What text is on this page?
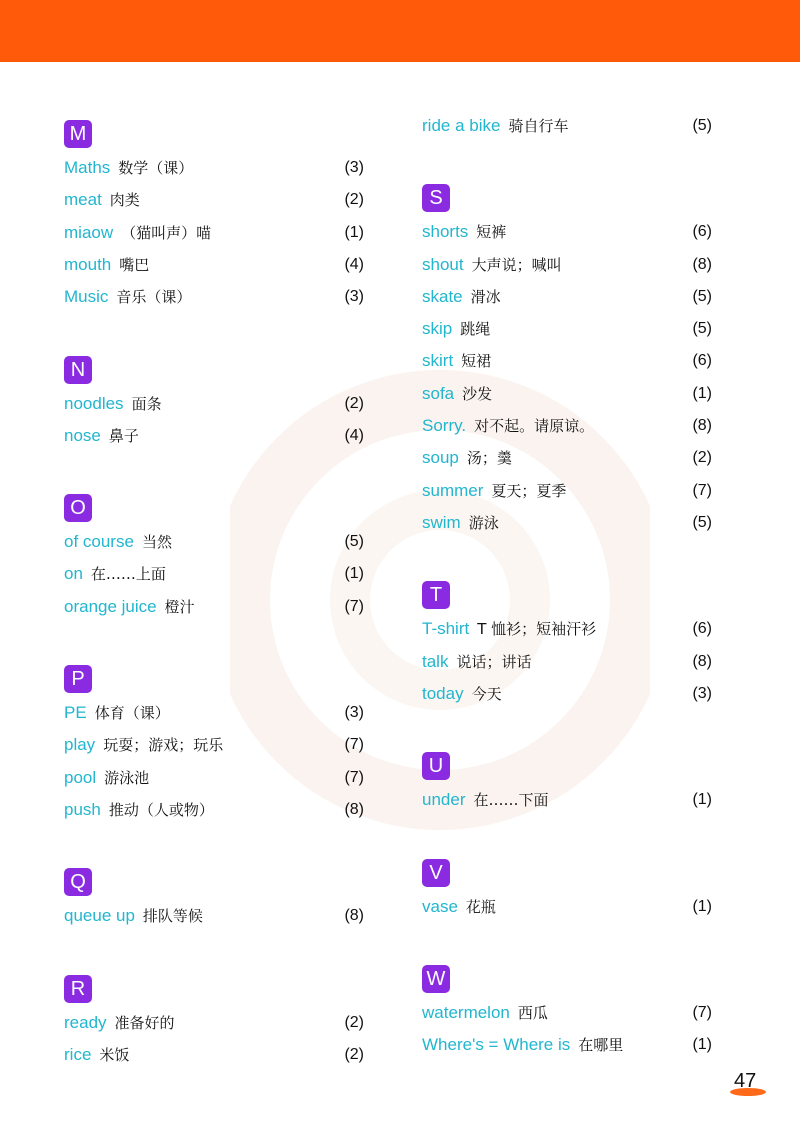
M
Maths 数学（课）	(3)
meat 肉类	(2)
miaow （猫叫声）喵	(1)
mouth 嘴巴	(4)
Music 音乐（课）	(3)
N
noodles 面条	(2)
nose 鼻子	(4)
O
of course 当然	(5)
on 在……上面	(1)
orange juice 橙汁	(7)
P
PE 体育（课）	(3)
play 玩耍；游戏；玩乐	(7)
pool 游泳池	(7)
push 推动（人或物）	(8)
Q
queue up 排队等候	(8)
R
ready 准备好的	(2)
rice 米饭	(2)
ride a bike 骑自行车	(5)
S
shorts 短裤	(6)
shout 大声说；喊叫	(8)
skate 滑冰	(5)
skip 跳绳	(5)
skirt 短裙	(6)
sofa 沙发	(1)
Sorry. 对不起。请原谅。	(8)
soup 汤；羹	(2)
summer 夏天；夏季	(7)
swim 游泳	(5)
T
T-shirt T 恤衫；短袖汗衫	(6)
talk 说话；讲话	(8)
today 今天	(3)
U
under 在……下面	(1)
V
vase 花瓶	(1)
W
watermelon 西瓜	(7)
Where's = Where is 在哪里	(1)
47
